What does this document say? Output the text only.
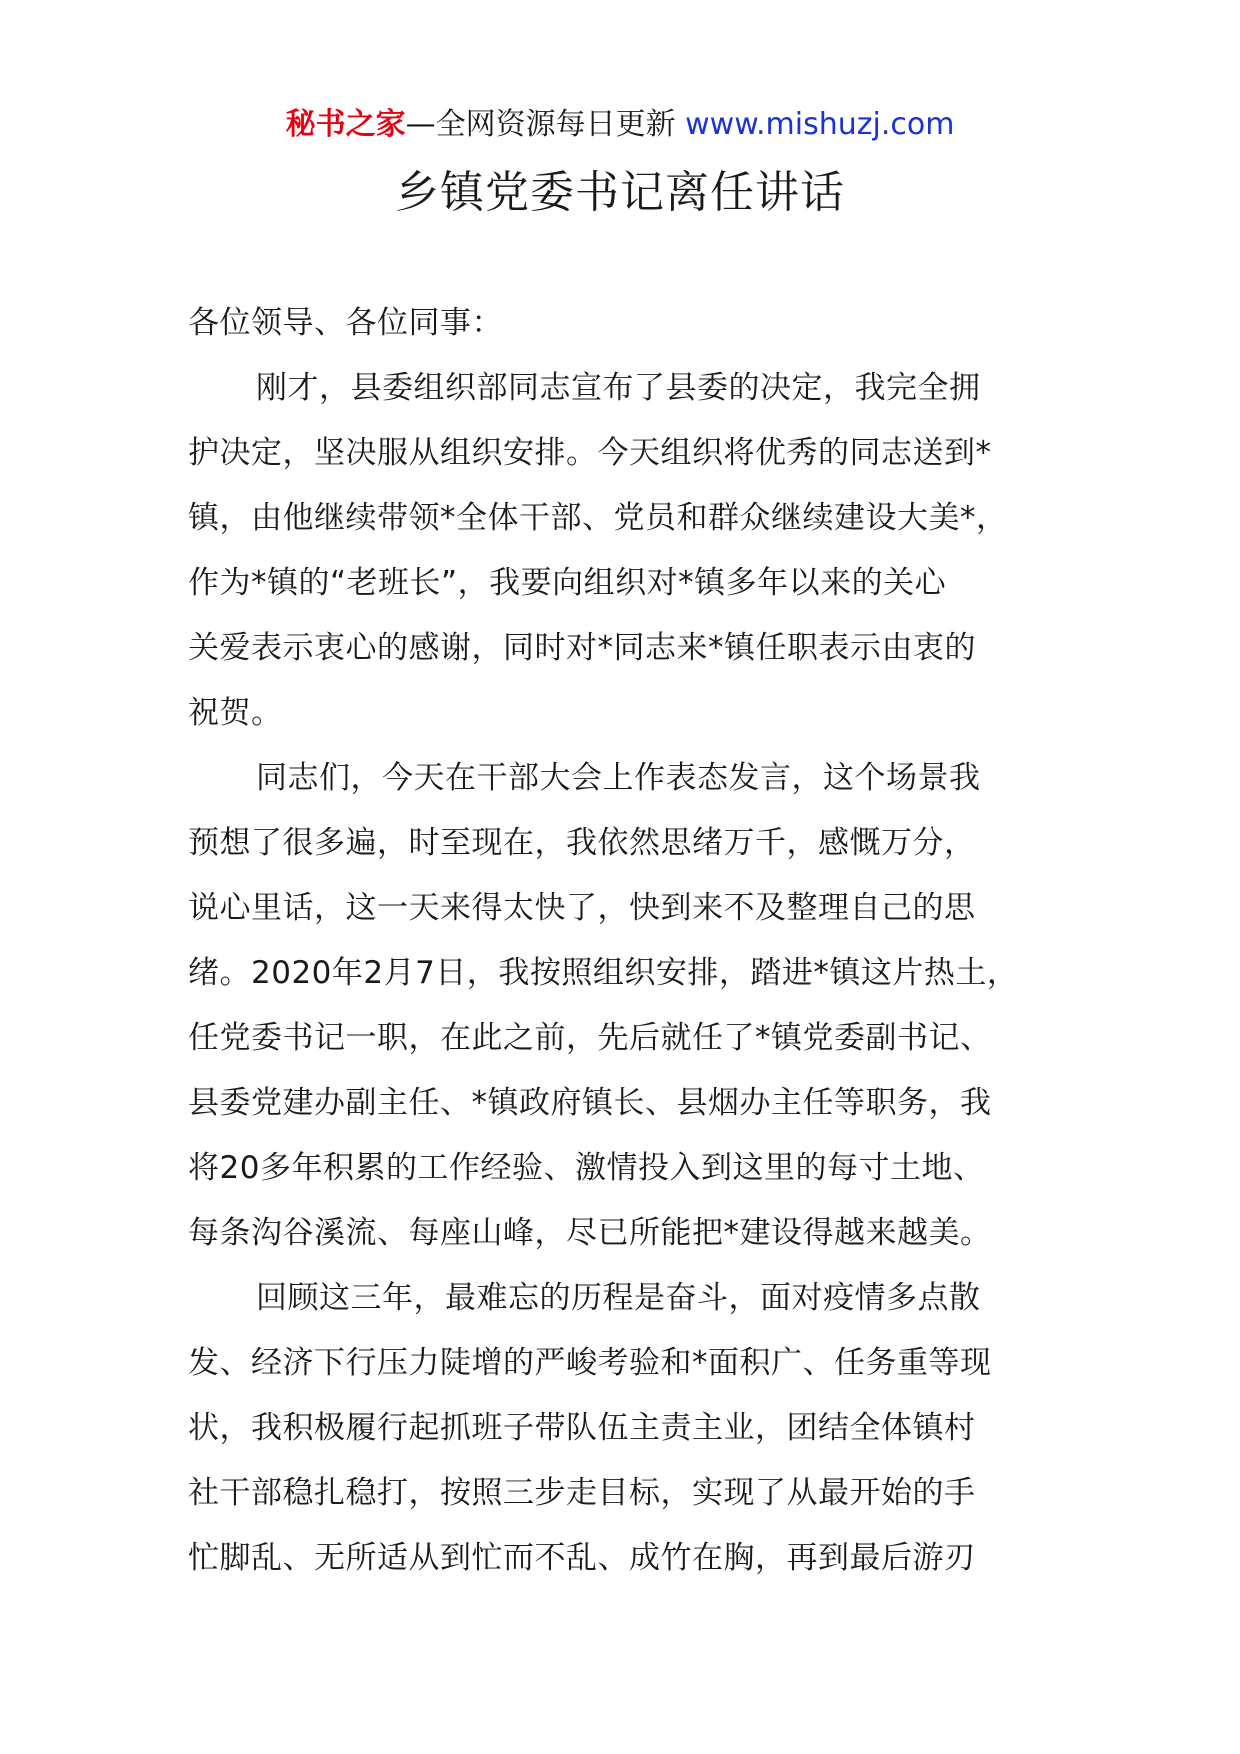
秘书之家—全网资源每日更新 www.mishuzj.com
乡镇党委书记离任讲话
各位领导、各位同事：
刚才，县委组织部同志宣布了县委的决定，我完全拥
护决定，坚决服从组织安排。今天组织将优秀的同志送到*
镇，由他继续带领*全体干部、党员和群众继续建设大美*，
作为*镇的“老班长”，我要向组织对*镇多年以来的关心
关爱表示衷心的感谢，同时对*同志来*镇任职表示由衷的
祝贺。
同志们，今天在干部大会上作表态发言，这个场景我
预想了很多遍，时至现在，我依然思绪万千，感慨万分，
说心里话，这一天来得太快了，快到来不及整理自己的思
绪。2020年2月7日，我按照组织安排，踏进*镇这片热土，
任党委书记一职，在此之前，先后就任了*镇党委副书记、
县委党建办副主任、*镇政府镇长、县烟办主任等职务，我
将20多年积累的工作经验、激情投入到这里的每寸土地、
每条沟谷溪流、每座山峰，尽已所能把*建设得越来越美。
回顾这三年，最难忘的历程是奋斗，面对疫情多点散
发、经济下行压力陡增的严峻考验和*面积广、任务重等现
状，我积极履行起抓班子带队伍主责主业，团结全体镇村
社干部稳扎稳打，按照三步走目标，实现了从最开始的手
忙脚乱、无所适从到忙而不乱、成竹在胸，再到最后游刃
